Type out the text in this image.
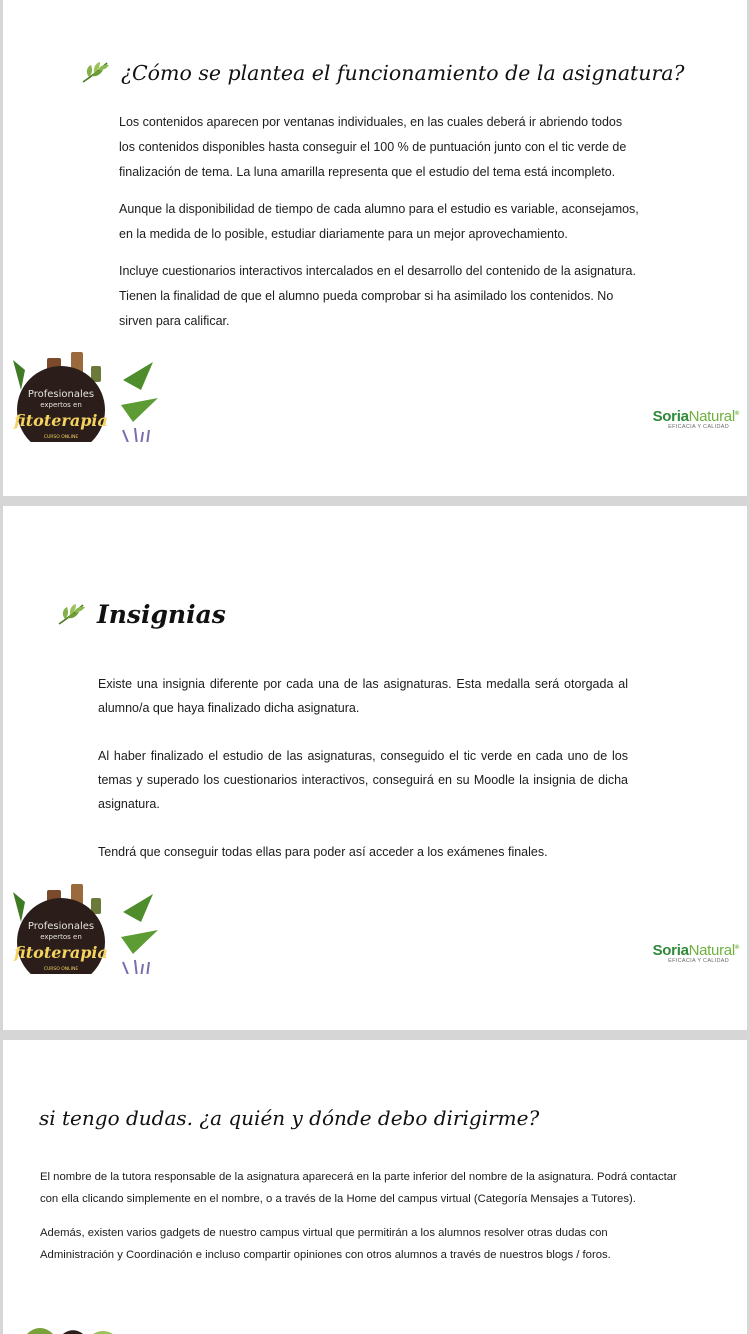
¿Cómo se plantea el funcionamiento de la asignatura?

Los contenidos aparecen por ventanas individuales, en las cuales deberá ir abriendo todos los contenidos disponibles hasta conseguir el 100 % de puntuación junto con el tic verde de finalización de tema. La luna amarilla representa que el estudio del tema está incompleto.

Aunque la disponibilidad de tiempo de cada alumno para el estudio es variable, aconsejamos, en la medida de lo posible, estudiar diariamente para un mejor aprovechamiento.

Incluye cuestionarios interactivos intercalados en el desarrollo del contenido de la asignatura. Tienen la finalidad de que el alumno pueda comprobar si ha asimilado los contenidos. No sirven para calificar.

Profesionales
expertos en
fitoterapia
CURSO ONLINE
SoriaNatural®
EFICACIA Y CALIDAD
Insignias

Existe una insignia diferente por cada una de las asignaturas. Esta medalla será otorgada al alumno/a que haya finalizado dicha asignatura.

Al haber finalizado el estudio de las asignaturas, conseguido el tic verde en cada uno de los temas y superado los cuestionarios interactivos, conseguirá en su Moodle la insignia de dicha asignatura.

Tendrá que conseguir todas ellas para poder así acceder a los exámenes finales.

Profesionales
expertos en
fitoterapia
CURSO ONLINE
SoriaNatural®
EFICACIA Y CALIDAD
si tengo dudas. ¿a quién y dónde debo dirigirme?

El nombre de la tutora responsable de la asignatura aparecerá en la parte inferior del nombre de la asignatura. Podrá contactar con ella clicando simplemente en el nombre, o a través de la Home del campus virtual (Categoría Mensajes a Tutores).

Además, existen varios gadgets de nuestro campus virtual que permitirán a los alumnos resolver otras dudas con Administración y Coordinación e incluso compartir opiniones con otros alumnos a través de nuestros blogs / foros.
